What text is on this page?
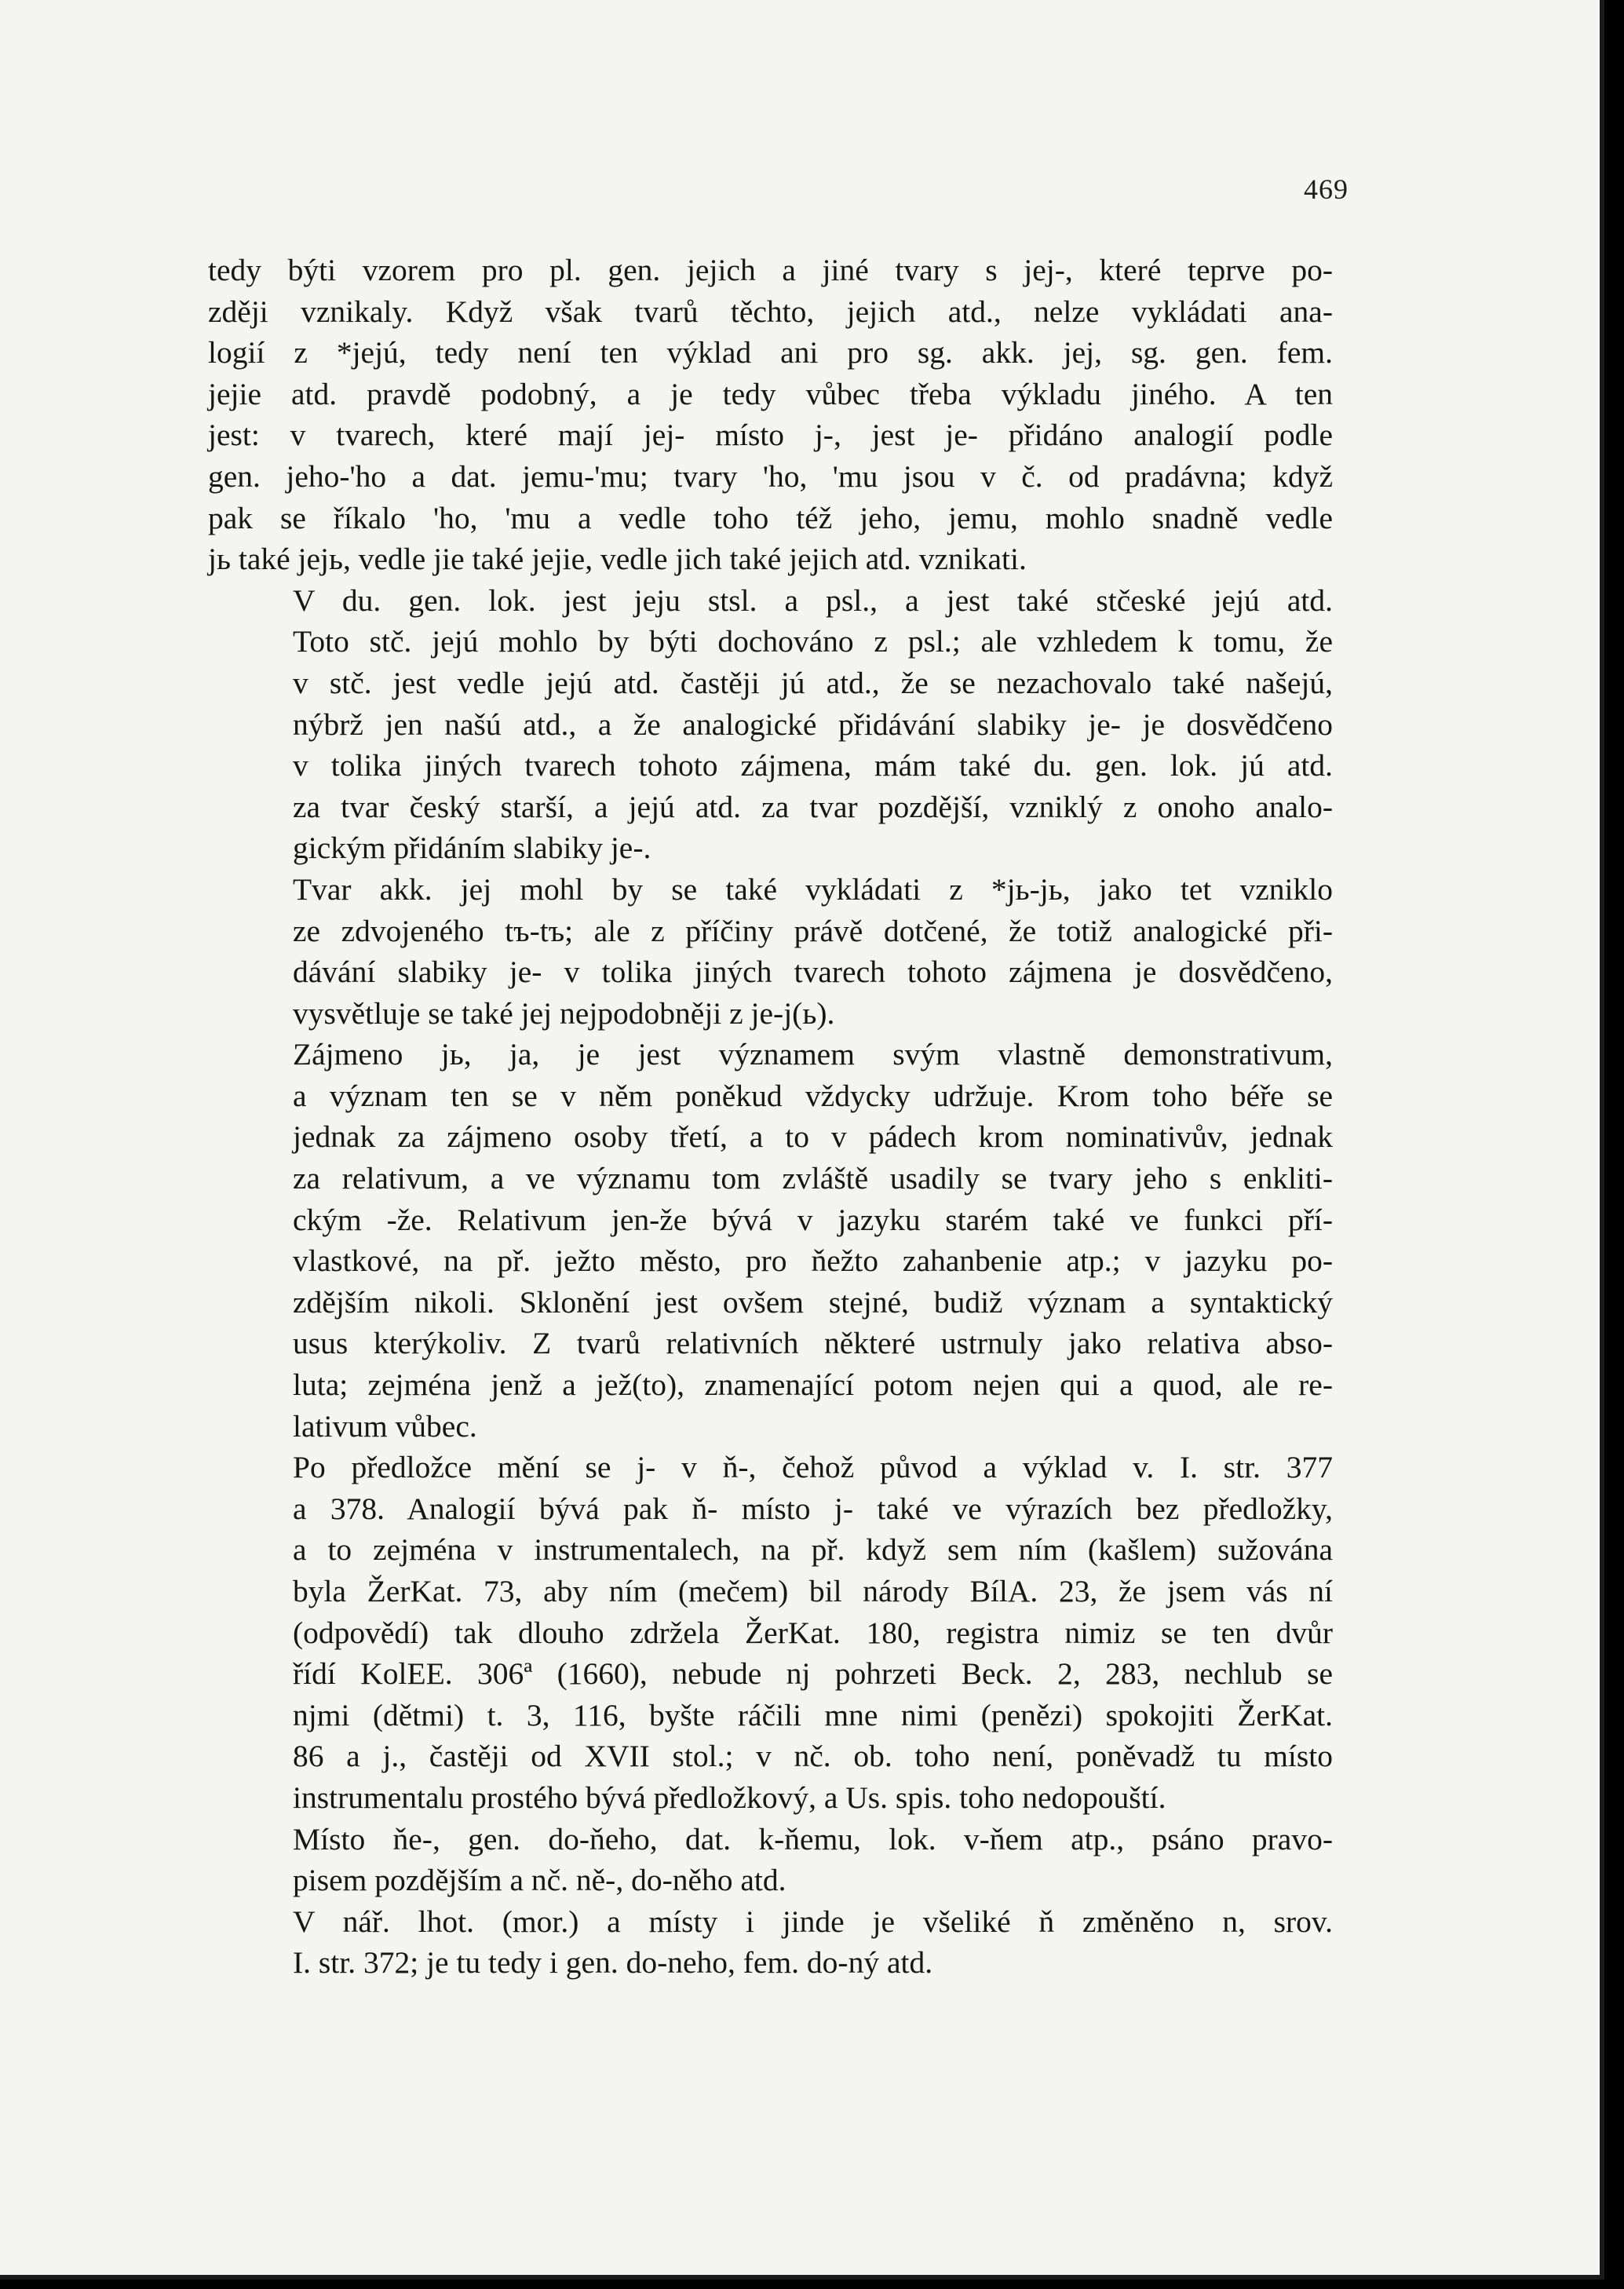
469

tedy býti vzorem pro pl. gen. jejich a jiné tvary s jej-, které teprve po-
zději vznikaly. Když však tvarů těchto, jejich atd., nelze vykládati ana-
logií z *jejú, tedy není ten výklad ani pro sg. akk. jej, sg. gen. fem.
jejie atd. pravdě podobný, a je tedy vůbec třeba výkladu jiného. A ten
jest: v tvarech, které mají jej- místo j-, jest je- přidáno analogií podle
gen. jeho-'ho a dat. jemu-'mu; tvary 'ho, 'mu jsou v č. od pradávna; když
pak se říkalo 'ho, 'mu a vedle toho též jeho, jemu, mohlo snadně vedle
jь také jejь, vedle jie také jejie, vedle jich také jejich atd. vznikati.

V du. gen. lok. jest jeju stsl. a psl., a jest také stčeské jejú atd.
Toto stč. jejú mohlo by býti dochováno z psl.; ale vzhledem k tomu, že
v stč. jest vedle jejú atd. častěji jú atd., že se nezachovalo také našejú,
nýbrž jen našú atd., a že analogické přidávání slabiky je- je dosvědčeno
v tolika jiných tvarech tohoto zájmena, mám také du. gen. lok. jú atd.
za tvar český starší, a jejú atd. za tvar pozdější, vzniklý z onoho analo-
gickým přidáním slabiky je-.

Tvar akk. jej mohl by se také vykládati z *jь-jь, jako tet vzniklo
ze zdvojeného tъ-tъ; ale z příčiny právě dotčené, že totiž analogické při-
dávání slabiky je- v tolika jiných tvarech tohoto zájmena je dosvědčeno,
vysvětluje se také jej nejpodobněji z je-j(ь).

Zájmeno jь, ja, je jest významem svým vlastně demonstrativum,
a význam ten se v něm poněkud vždycky udržuje. Krom toho béře se
jednak za zájmeno osoby třetí, a to v pádech krom nominativův, jednak
za relativum, a ve významu tom zvláště usadily se tvary jeho s enkliti-
ckým -že. Relativum jen-že bývá v jazyku starém také ve funkci pří-
vlastkové, na př. ježto město, pro ňežto zahanbenie atp.; v jazyku po-
zdějším nikoli. Sklonění jest ovšem stejné, budiž význam a syntaktický
usus kterýkoliv. Z tvarů relativních některé ustrnuly jako relativa abso-
luta; zejména jenž a jež(to), znamenající potom nejen qui a quod, ale re-
lativum vůbec.

Po předložce mění se j- v ň-, čehož původ a výklad v. I. str. 377
a 378. Analogií bývá pak ň- místo j- také ve výrazích bez předložky,
a to zejména v instrumentalech, na př. když sem ním (kašlem) sužována
byla ŽerKat. 73, aby ním (mečem) bil národy BílA. 23, že jsem vás ní
(odpovědí) tak dlouho zdržela ŽerKat. 180, registra nimiz se ten dvůr
řídí KolEE. 306ª (1660), nebude nj pohrzeti Beck. 2, 283, nechlub se
njmi (dětmi) t. 3, 116, byšte ráčili mne nimi (penězi) spokojiti ŽerKat.
86 a j., častěji od XVII stol.; v nč. ob. toho není, poněvadž tu místo
instrumentalu prostého bývá předložkový, a Us. spis. toho nedopouští.

Místo ňe-, gen. do-ňeho, dat. k-ňemu, lok. v-ňem atp., psáno pravo-
pisem pozdějším a nč. ně-, do-něho atd.

V nář. lhot. (mor.) a místy i jinde je všeliké ň změněno n, srov.
I. str. 372; je tu tedy i gen. do-neho, fem. do-ný atd.
